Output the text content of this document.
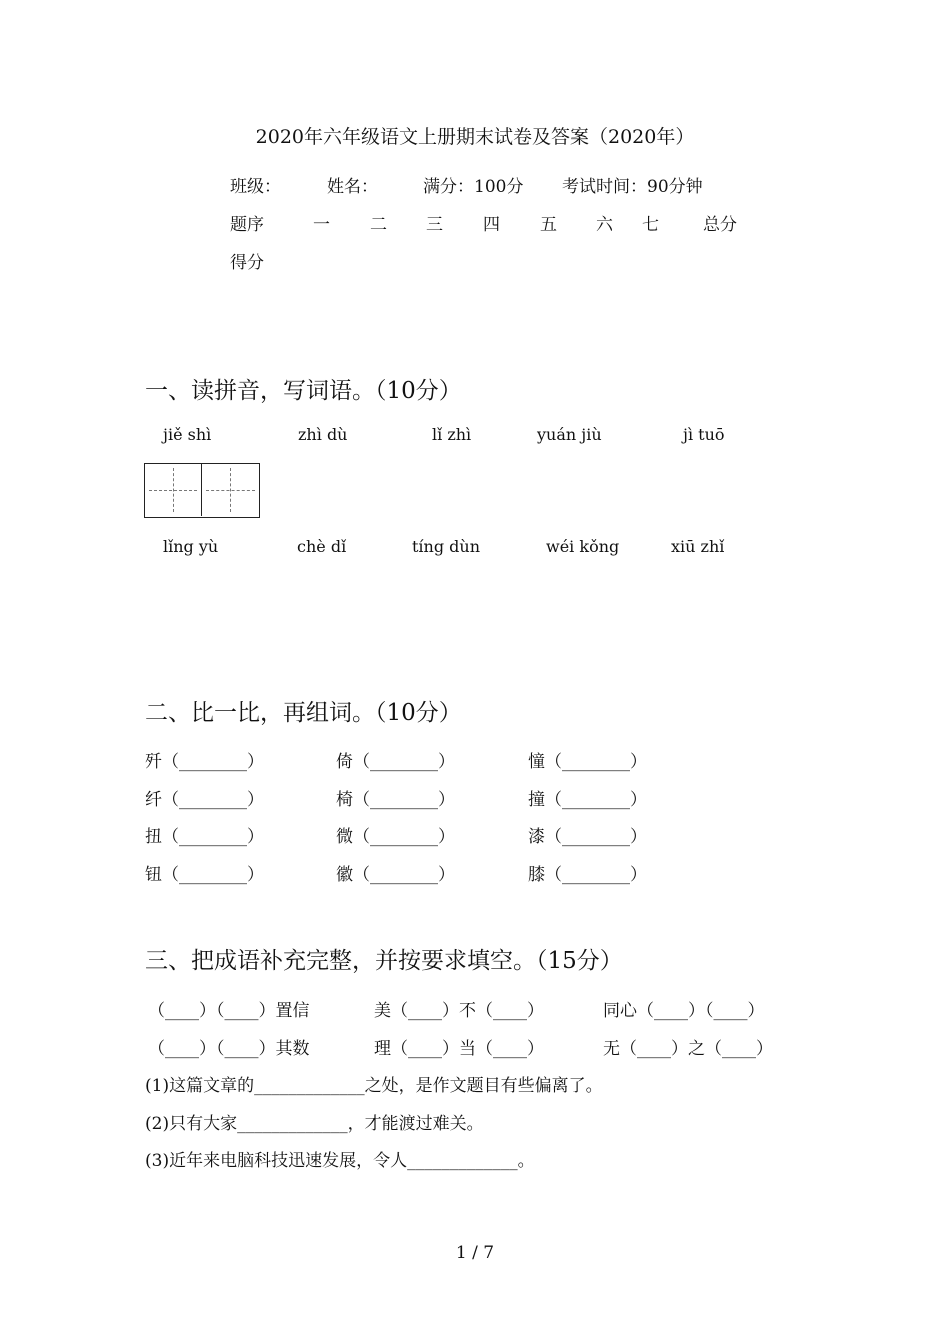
2020年六年级语文上册期末试卷及答案（2020年）
班级：	姓名：	满分：100分 考试时间：90分钟
题序	一 二 三 四 五 六 七	总分
得分
一、读拼音，写词语。（10分）
jiě shì	zhì dù	lǐ zhì	yuán jiù	jì tuō
lǐng yù	chè dǐ	tíng dùn	wéi kǒng	xiū zhǐ
二、比一比，再组词。（10分）
歼（________）	倚（________）	憧（________）
纤（________）	椅（________）	撞（________）
扭（________）	微（________）	漆（________）
钮（________）	徽（________）	膝（________）
三、把成语补充完整，并按要求填空。（15分）
（____）（____）置信	美（____）不（____）	同心（____）（____）
（____）（____）其数	理（____）当（____）	无（____）之（____）
(1)这篇文章的_____________之处，是作文题目有些偏离了。
(2)只有大家_____________，才能渡过难关。
(3)近年来电脑科技迅速发展，令人_____________。
1 / 7
